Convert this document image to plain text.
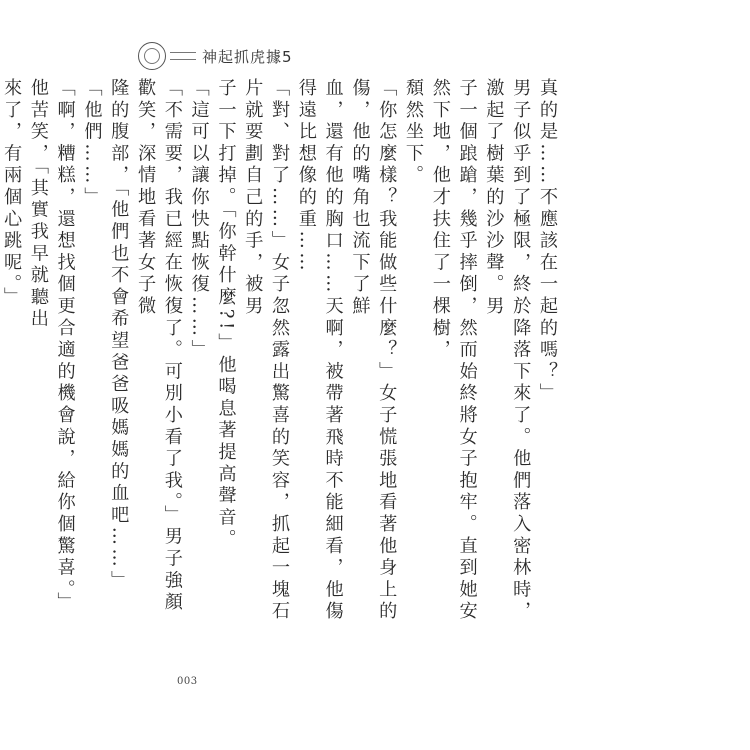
神起抓虎據5
真的是……不應該在一起的嗎？」
男子似乎到了極限，終於降落下來了。他們落入密林時，激起了樹葉的沙沙聲。男
子一個踉蹌，幾乎摔倒，然而始終將女子抱牢。直到她安然下地，他才扶住了一棵樹，
頹然坐下。
「你怎麼樣？我能做些什麼？」女子慌張地看著他身上的傷，他的嘴角也流下了鮮
血，還有他的胸口……天啊，被帶著飛時不能細看，他傷得遠比想像的重……
「對、對了……」女子忽然露出驚喜的笑容，抓起一塊石片就要劃自己的手，被男
子一下打掉。「你幹什麼?!」他喝息著提高聲音。
「這可以讓你快點恢復……」
「不需要，我已經在恢復了。可別小看了我。」男子強顏歡笑，深情地看著女子微
隆的腹部，「他們也不會希望爸爸吸媽媽的血吧……」
「他們……」
「啊，糟糕，還想找個更合適的機會說，給你個驚喜。」他苦笑，「其實我早就聽出
來了，有兩個心跳呢。」
003
